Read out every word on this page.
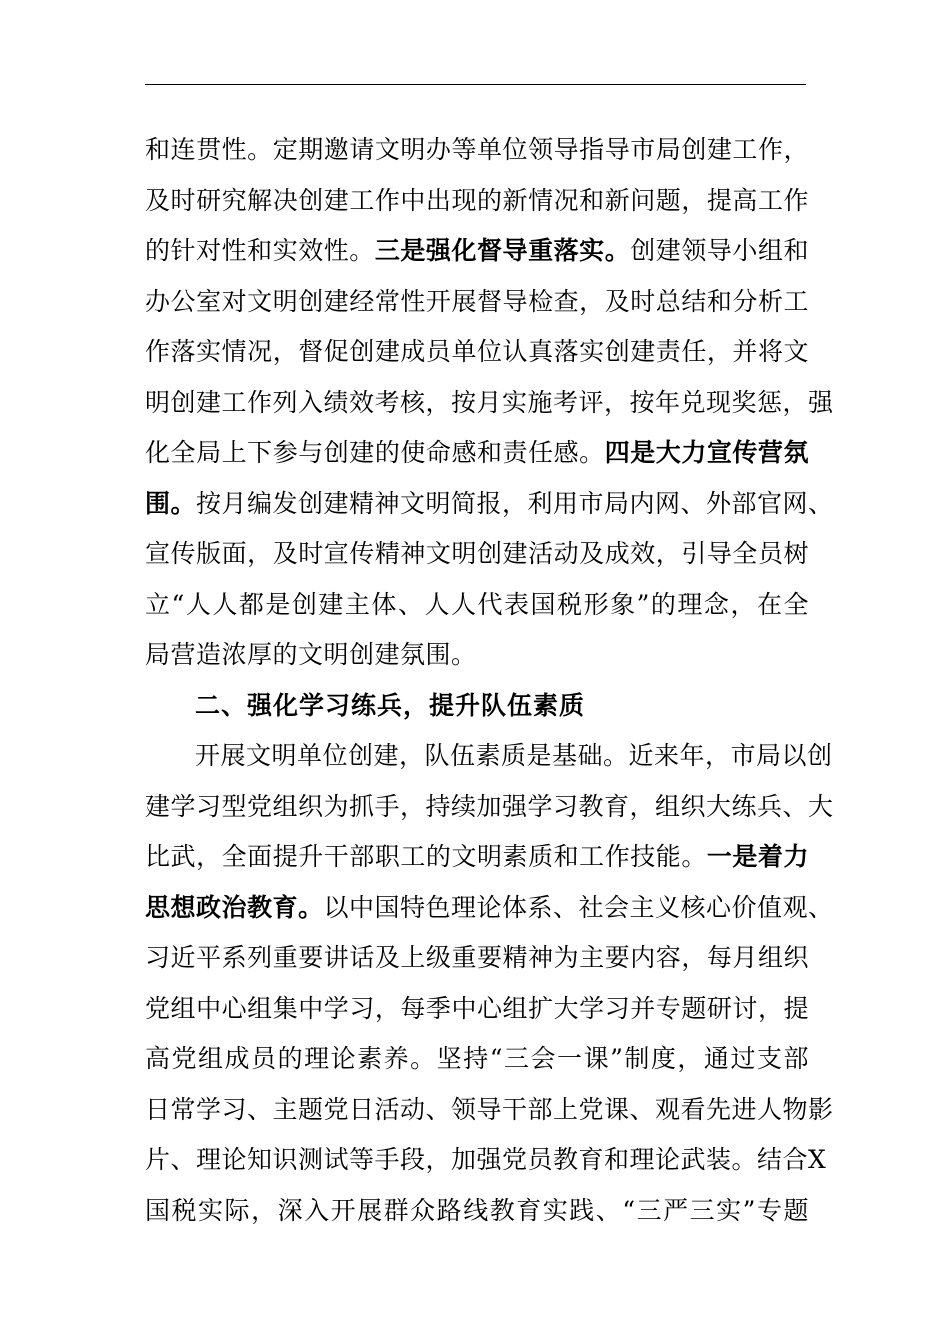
和连贯性。定期邀请文明办等单位领导指导市局创建工作，
及时研究解决创建工作中出现的新情况和新问题，提高工作
的针对性和实效性。三是强化督导重落实。创建领导小组和
办公室对文明创建经常性开展督导检查，及时总结和分析工
作落实情况，督促创建成员单位认真落实创建责任，并将文
明创建工作列入绩效考核，按月实施考评，按年兑现奖惩，强
化全局上下参与创建的使命感和责任感。四是大力宣传营氛
围。按月编发创建精神文明简报，利用市局内网、外部官网、
宣传版面，及时宣传精神文明创建活动及成效，引导全员树
立“人人都是创建主体、人人代表国税形象”的理念，在全
局营造浓厚的文明创建氛围。
二、强化学习练兵，提升队伍素质
开展文明单位创建，队伍素质是基础。近来年，市局以创
建学习型党组织为抓手，持续加强学习教育，组织大练兵、大
比武，全面提升干部职工的文明素质和工作技能。一是着力
思想政治教育。以中国特色理论体系、社会主义核心价值观、
习近平系列重要讲话及上级重要精神为主要内容，每月组织
党组中心组集中学习，每季中心组扩大学习并专题研讨，提
高党组成员的理论素养。坚持“三会一课”制度，通过支部
日常学习、主题党日活动、领导干部上党课、观看先进人物影
片、理论知识测试等手段，加强党员教育和理论武装。结合X
国税实际，深入开展群众路线教育实践、“三严三实”专题
